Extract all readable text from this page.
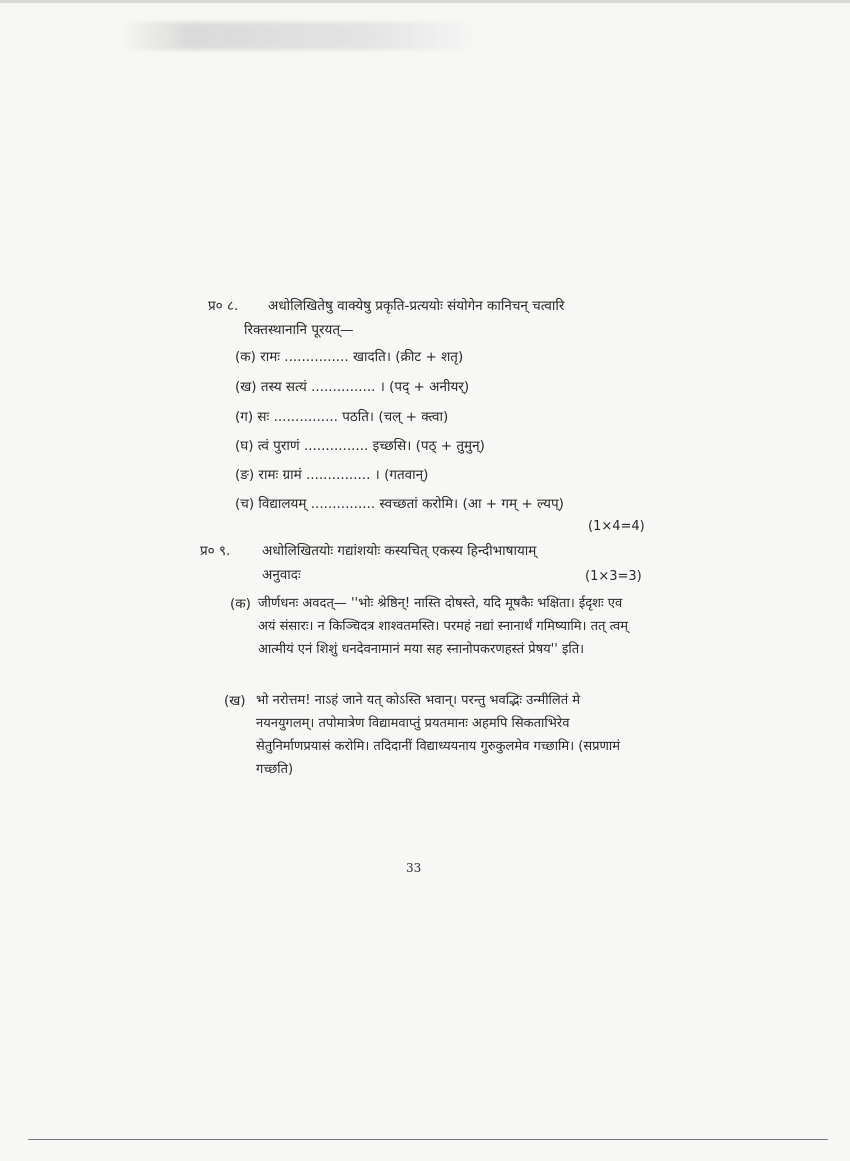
प्र० ८. अधोलिखितेषु वाक्येषु प्रकृति-प्रत्ययोः संयोगेन कानिचन् चत्वारि
रिक्तस्थानानि पूरयत्—
(क) रामः ............... खादति। (क्रीट + शतृ)
(ख) तस्य सत्यं ............... । (पद् + अनीयर्)
(ग) सः ............... पठति। (चल् + क्त्वा)
(घ) त्वं पुराणं ............... इच्छसि। (पठ् + तुमुन्)
(ङ) रामः ग्रामं ............... । (गतवान्)
(च) विद्यालयम् ............... स्वच्छतां करोमि। (आ + गम् + ल्यप्)
(1×4=4)
प्र० ९. अधोलिखितयोः गद्यांशयोः कस्यचित् एकस्य हिन्दीभाषायाम्
अनुवादः	(1×3=3)
(क) जीर्णधनः अवदत्— ''भोः श्रेष्ठिन्! नास्ति दोषस्ते, यदि मूषकैः भक्षिता। ईदृशः एव अयं संसारः। न किञ्चिदत्र शाश्वतमस्ति। परमहं नद्यां स्नानार्थं गमिष्यामि। तत् त्वम् आत्मीयं एनं शिशुं धनदेवनामानं मया सह स्नानोपकरणहस्तं प्रेषय'' इति।
(ख) भो नरोत्तम! नाऽहं जाने यत् कोऽस्ति भवान्। परन्तु भवद्भिः उन्मीलितं मे नयनयुगलम्। तपोमात्रेण विद्यामवाप्तुं प्रयतमानः अहमपि सिकताभिरेव सेतुनिर्माणप्रयासं करोमि। तदिदानीं विद्याध्ययनाय गुरुकुलमेव गच्छामि। (सप्रणामं गच्छति)
33
